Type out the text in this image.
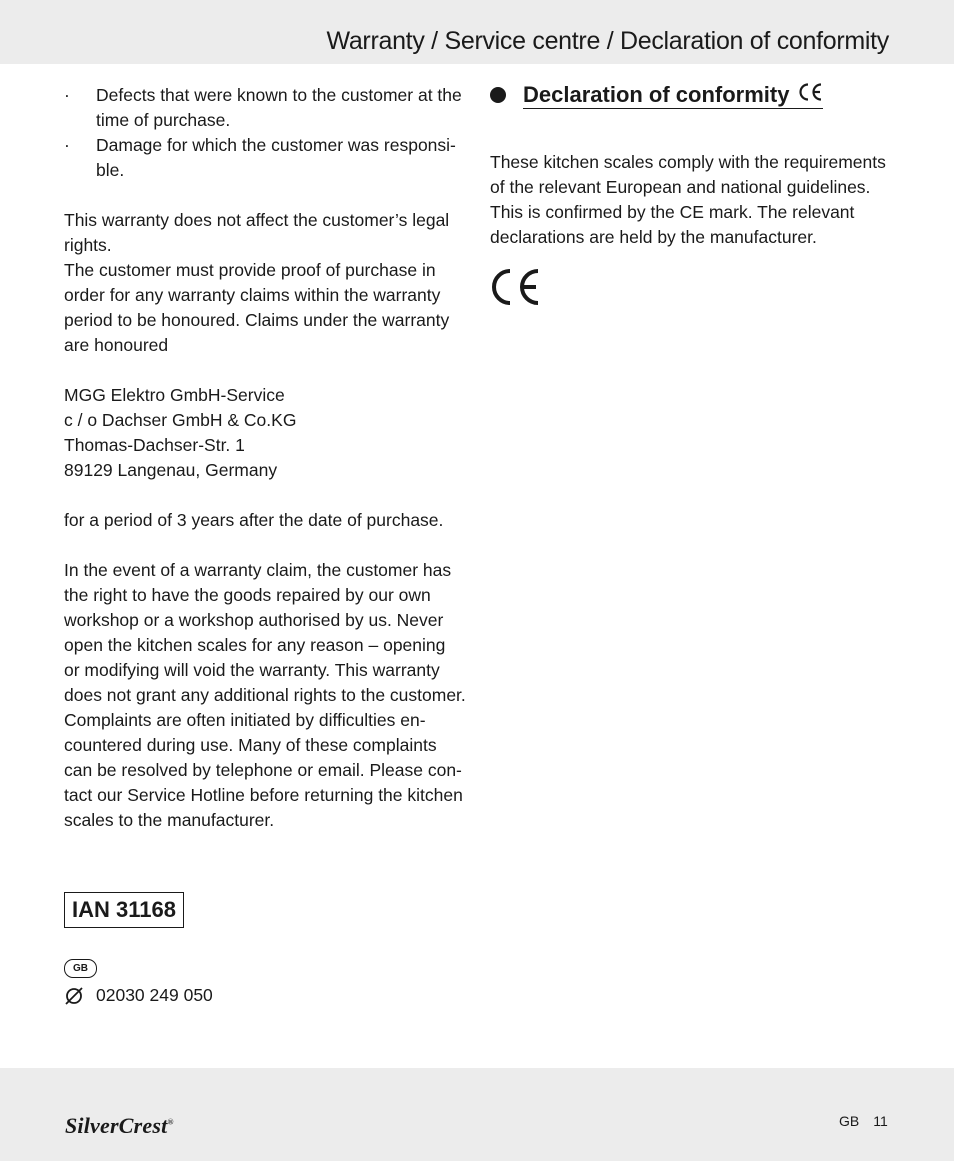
Warranty / Service centre / Declaration of conformity
· Defects that were known to the customer at the
time of purchase.
· Damage for which the customer was responsi-
ble.
This warranty does not affect the customer’s legal
rights.
The customer must provide proof of purchase in
order for any warranty claims within the warranty
period to be honoured. Claims under the warranty
are honoured
MGG Elektro GmbH-Service
c / o Dachser GmbH & Co.KG
Thomas-Dachser-Str. 1
89129 Langenau, Germany
for a period of 3 years after the date of purchase.
In the event of a warranty claim, the customer has
the right to have the goods repaired by our own
workshop or a workshop authorised by us. Never
open the kitchen scales for any reason – opening
or modifying will void the warranty. This warranty
does not grant any additional rights to the customer.
Complaints are often initiated by difficulties en-
countered during use. Many of these complaints
can be resolved by telephone or email. Please con-
tact our Service Hotline before returning the kitchen
scales to the manufacturer.
IAN 31168
GB
02030 249 050
Declaration of conformity
These kitchen scales comply with the requirements
of the relevant European and national guidelines.
This is confirmed by the CE mark. The relevant
declarations are held by the manufacturer.
SilverCrest®	GB 11
